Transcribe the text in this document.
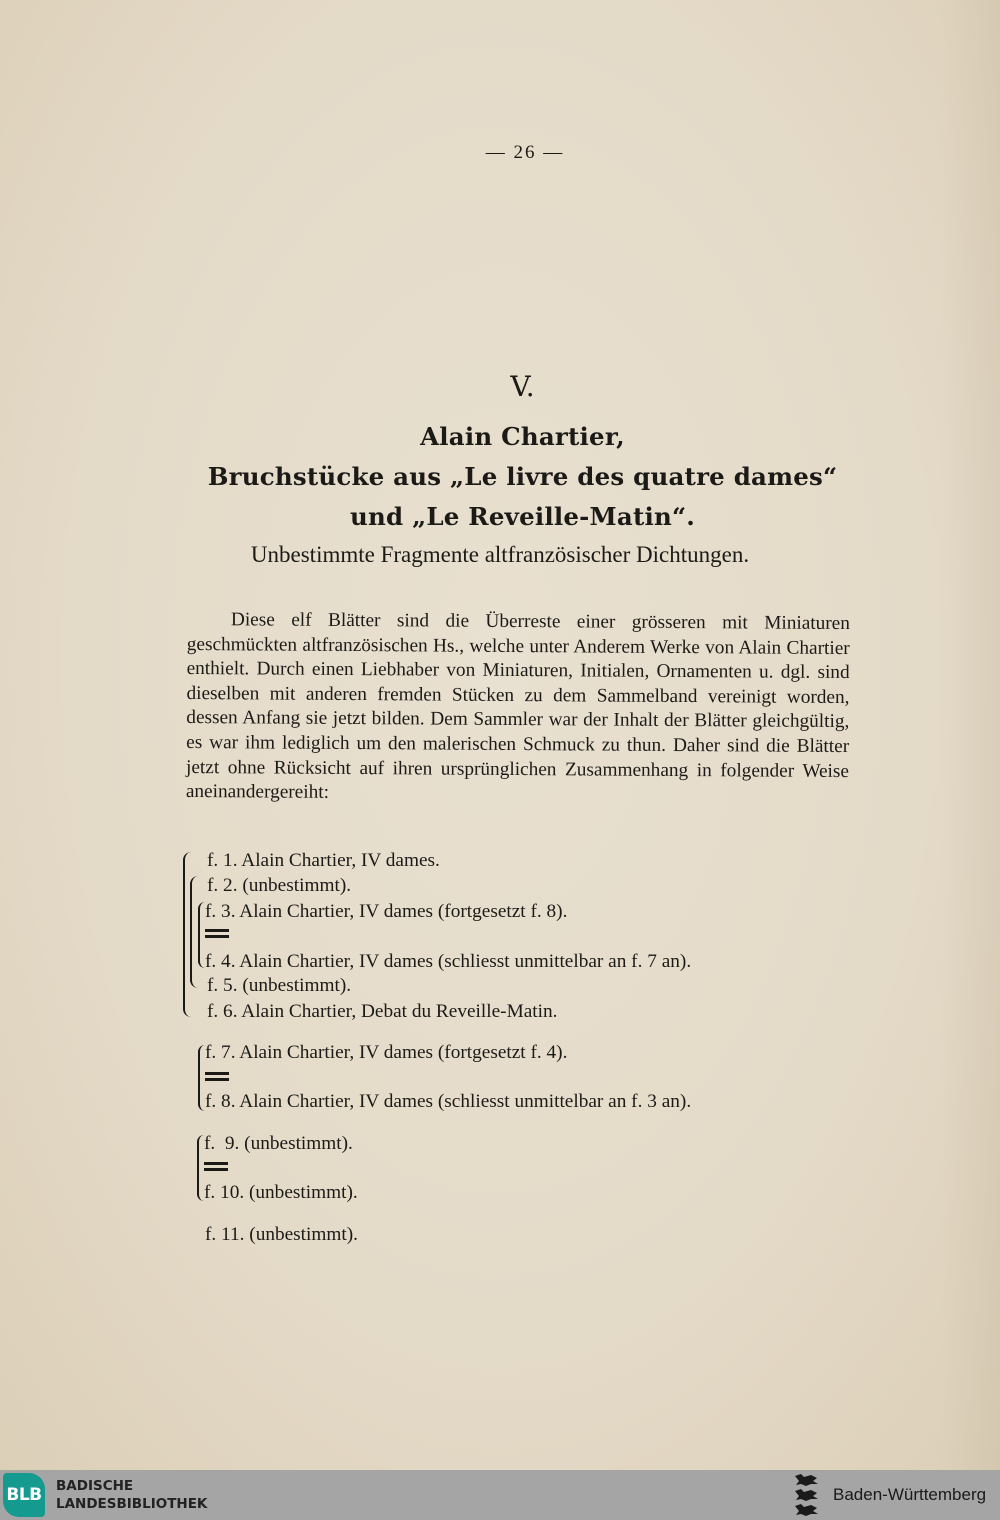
— 26 —
V.
Alain Chartier,
Bruchstücke aus „Le livre des quatre dames“
und „Le Reveille-Matin“.
Unbestimmte Fragmente altfranzösischer Dichtungen.
Diese elf Blätter sind die Überreste einer grösseren mit Miniaturen geschmückten altfranzösischen Hs., welche unter Anderem Werke von Alain Chartier enthielt. Durch einen Liebhaber von Miniaturen, Initialen, Ornamenten u. dgl. sind dieselben mit anderen fremden Stücken zu dem Sammelband vereinigt worden, dessen Anfang sie jetzt bilden. Dem Sammler war der Inhalt der Blätter gleichgültig, es war ihm lediglich um den malerischen Schmuck zu thun. Daher sind die Blätter jetzt ohne Rücksicht auf ihren ursprünglichen Zusammenhang in folgender Weise aneinandergereiht:
f. 1. Alain Chartier, IV dames.
f. 2. (unbestimmt).
f. 3. Alain Chartier, IV dames (fortgesetzt f. 8).
f. 4. Alain Chartier, IV dames (schliesst unmittelbar an f. 7 an).
f. 5. (unbestimmt).
f. 6. Alain Chartier, Debat du Reveille-Matin.
f. 7. Alain Chartier, IV dames (fortgesetzt f. 4).
f. 8. Alain Chartier, IV dames (schliesst unmittelbar an f. 3 an).
f.  9. (unbestimmt).
f. 10. (unbestimmt).
f. 11. (unbestimmt).
BLB BADISCHE
LANDESBIBLIOTHEK	Baden-Württemberg
